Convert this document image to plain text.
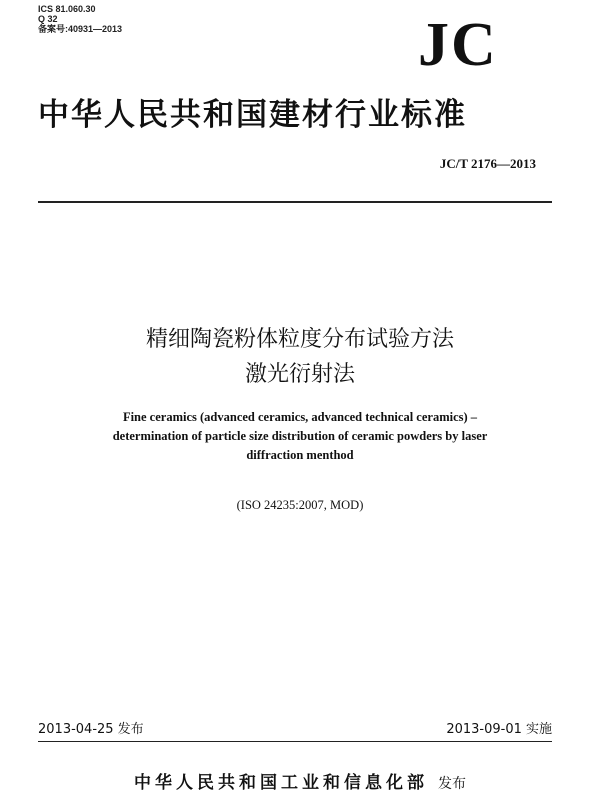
ICS 81.060.30
Q 32
备案号:40931—2013	JC
中华人民共和国建材行业标准
JC/T 2176—2013
精细陶瓷粉体粒度分布试验方法
激光衍射法
Fine ceramics (advanced ceramics, advanced technical ceramics) –
determination of particle size distribution of ceramic powders by laser
diffraction menthod
(ISO 24235:2007, MOD)
2013-04-25 发布	2013-09-01 实施
中华人民共和国工业和信息化部 发布
